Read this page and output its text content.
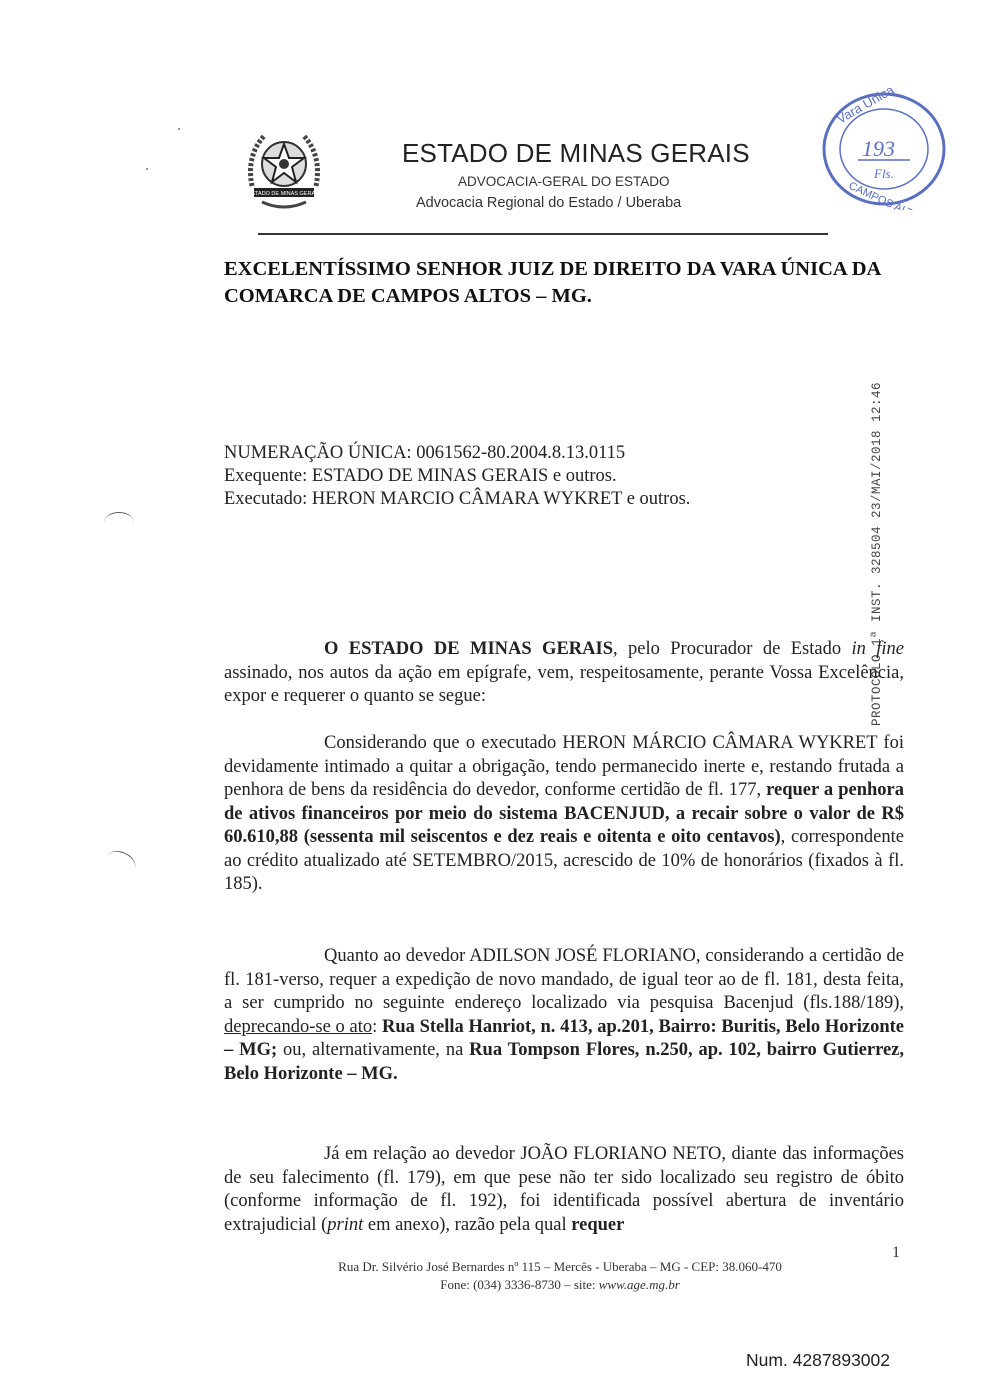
ESTADO DE MINAS GERAIS
ESTADO DE MINAS GERAIS
ADVOCACIA-GERAL DO ESTADO
Advocacia Regional do Estado / Uberaba
Vara Única - Fórum
CAMPOS ALTOS - MG
193
Fls.
EXCELENTÍSSIMO SENHOR JUIZ DE DIREITO DA VARA ÚNICA DA COMARCA DE CAMPOS ALTOS – MG.
NUMERAÇÃO ÚNICA: 0061562-80.2004.8.13.0115
Exequente: ESTADO DE MINAS GERAIS e outros.
Executado: HERON MARCIO CÂMARA WYKRET e outros.	PROTOCOLO 1ª INST. 328504 23/MAI/2018 12:46
O ESTADO DE MINAS GERAIS, pelo Procurador de Estado in fine assinado, nos autos da ação em epígrafe, vem, respeitosamente, perante Vossa Excelência, expor e requerer o quanto se segue:
Considerando que o executado HERON MÁRCIO CÂMARA WYKRET foi devidamente intimado a quitar a obrigação, tendo permanecido inerte e, restando frutada a penhora de bens da residência do devedor, conforme certidão de fl. 177, requer a penhora de ativos financeiros por meio do sistema BACENJUD, a recair sobre o valor de R$ 60.610,88 (sessenta mil seiscentos e dez reais e oitenta e oito centavos), correspondente ao crédito atualizado até SETEMBRO/2015, acrescido de 10% de honorários (fixados à fl. 185).
Quanto ao devedor ADILSON JOSÉ FLORIANO, considerando a certidão de fl. 181-verso, requer a expedição de novo mandado, de igual teor ao de fl. 181, desta feita, a ser cumprido no seguinte endereço localizado via pesquisa Bacenjud (fls.188/189), deprecando-se o ato: Rua Stella Hanriot, n. 413, ap.201, Bairro: Buritis, Belo Horizonte – MG; ou, alternativamente, na Rua Tompson Flores, n.250, ap. 102, bairro Gutierrez, Belo Horizonte – MG.
Já em relação ao devedor JOÃO FLORIANO NETO, diante das informações de seu falecimento (fl. 179), em que pese não ter sido localizado seu registro de óbito (conforme informação de fl. 192), foi identificada possível abertura de inventário extrajudicial (print em anexo), razão pela qual requer
1
Rua Dr. Silvério José Bernardes nº 115 – Mercês - Uberaba – MG - CEP: 38.060-470
Fone: (034) 3336-8730 – site: www.age.mg.br
Num. 4287893002
